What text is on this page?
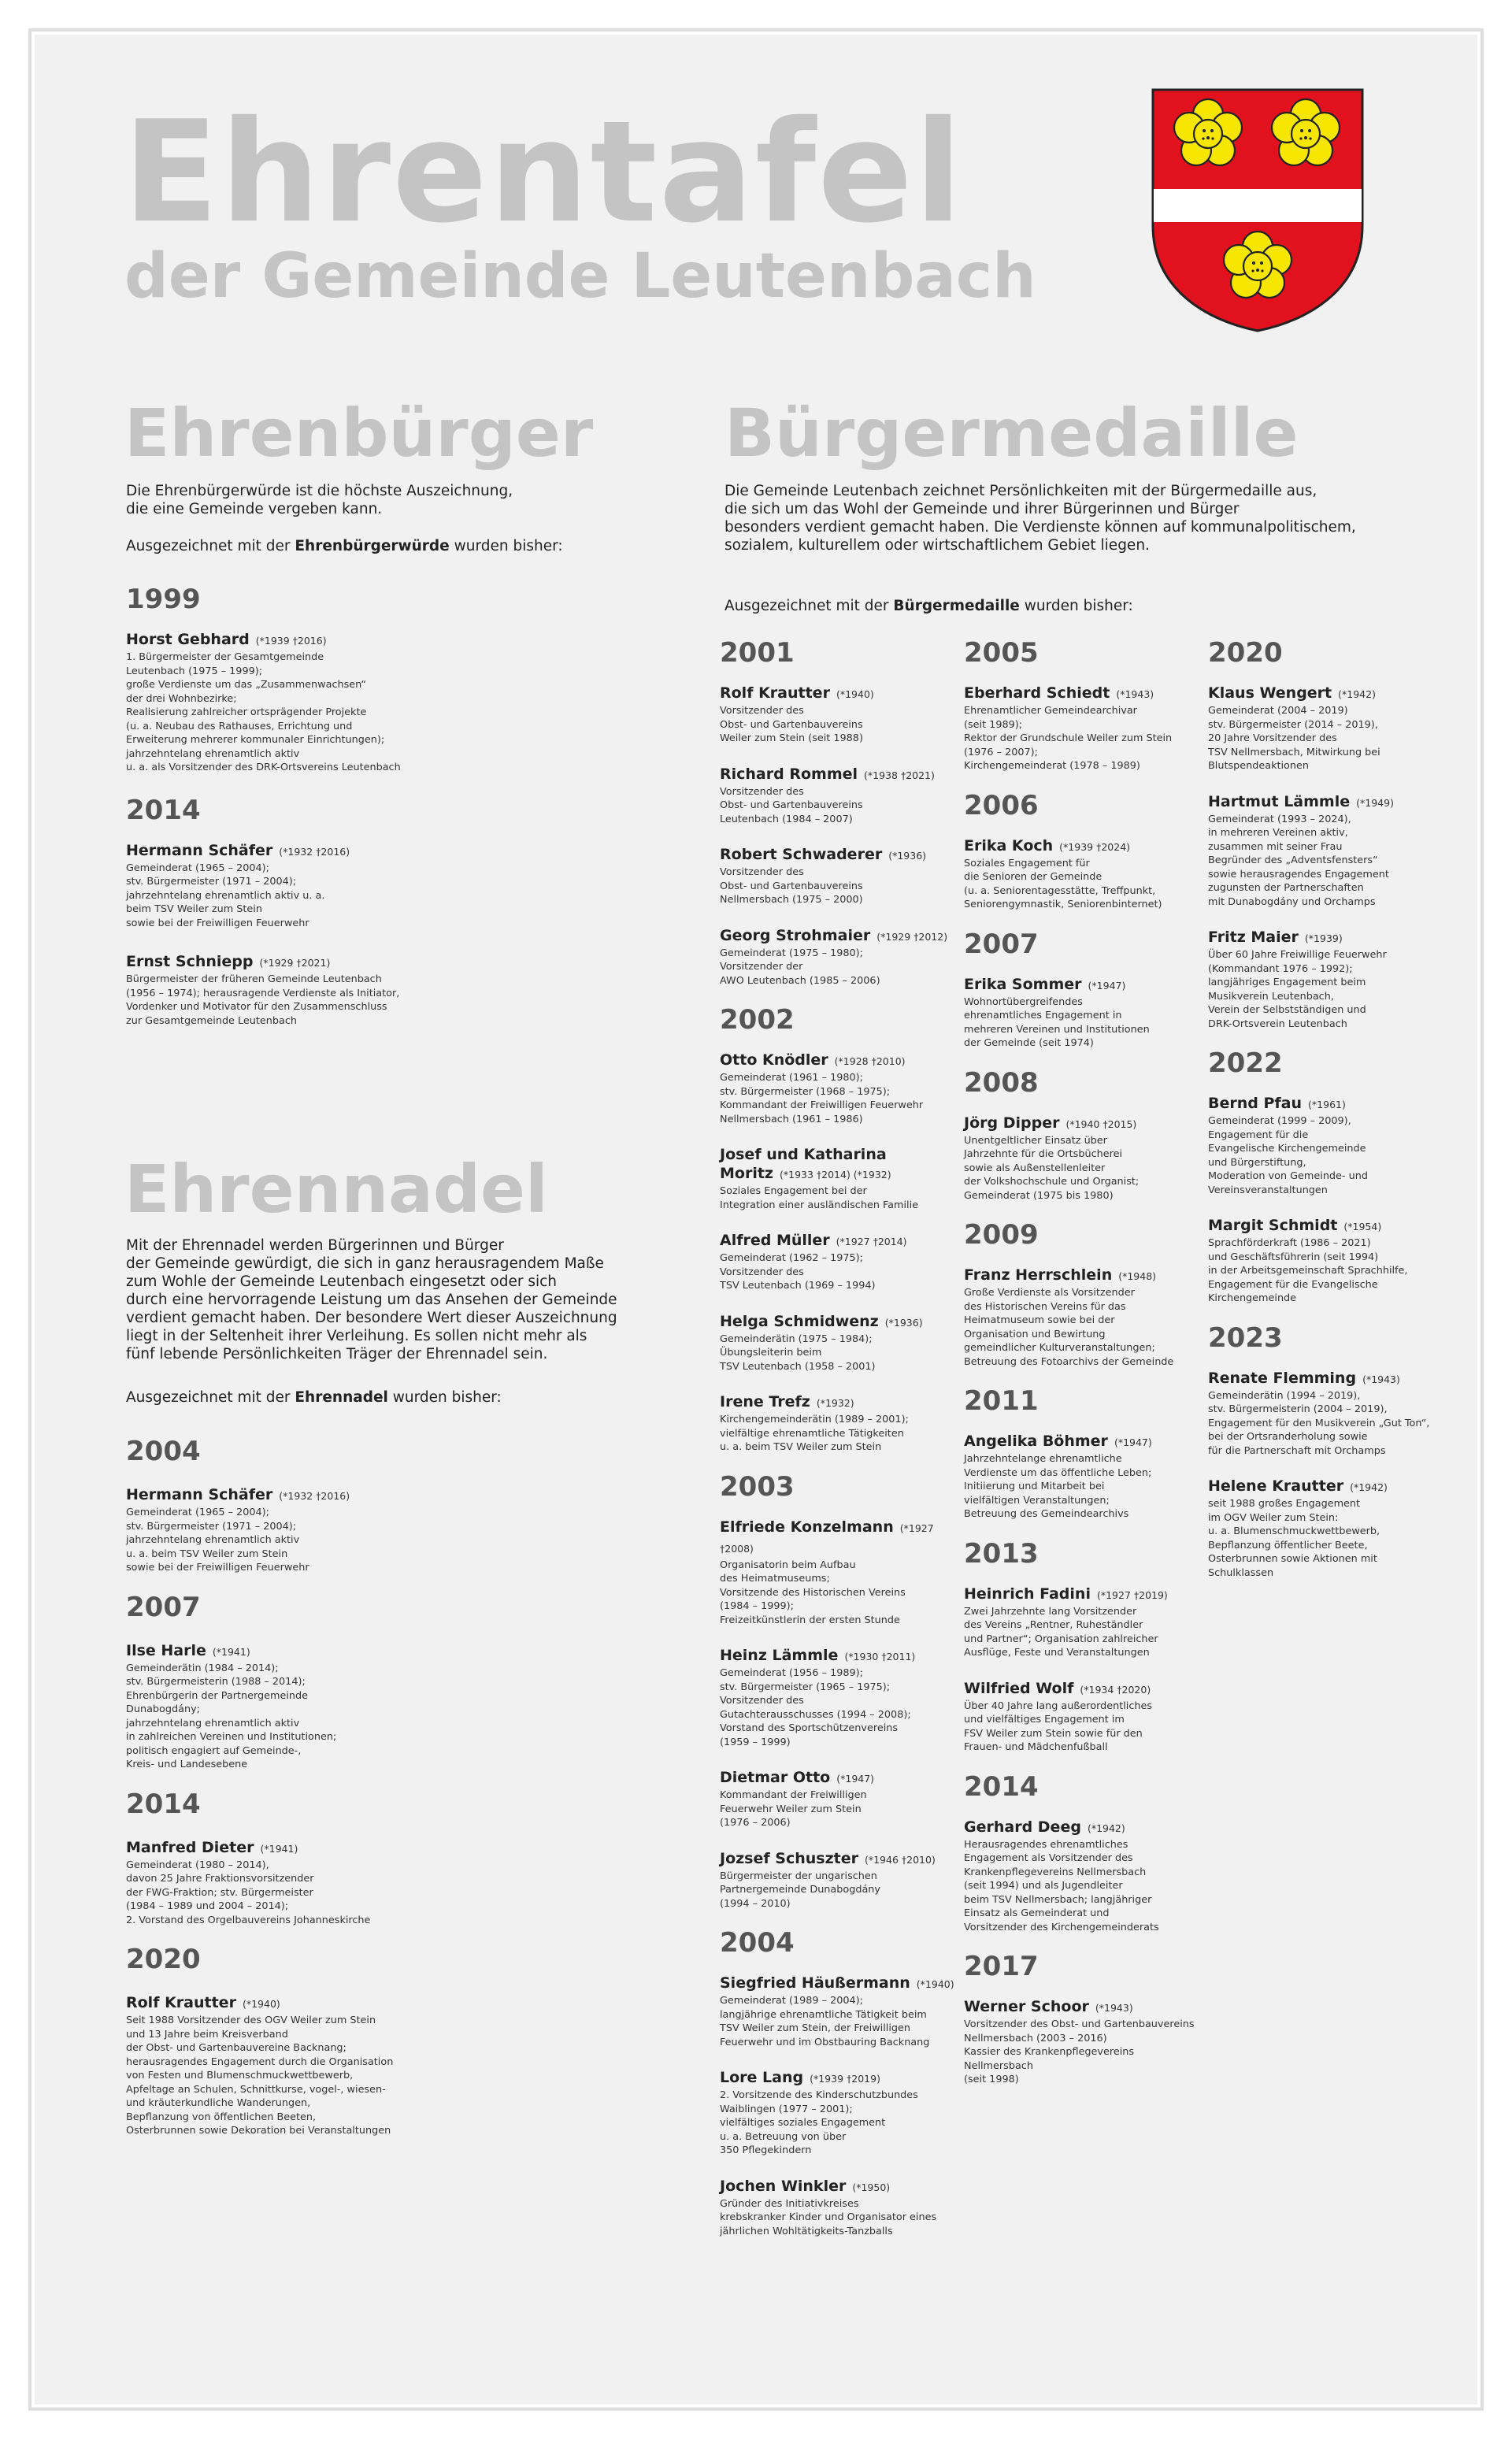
Ehrentafel
der Gemeinde Leutenbach
Ehrenbürger
Die Ehrenbürgerwürde ist die höchste Auszeichnung,
die eine Gemeinde vergeben kann.
Ausgezeichnet mit der Ehrenbürgerwürde wurden bisher:
1999
Horst Gebhard (*1939 †2016)
1. Bürgermeister der Gesamtgemeinde
Leutenbach (1975 – 1999);
große Verdienste um das „Zusammenwachsen“
der drei Wohnbezirke;
Realisierung zahlreicher ortsprägender Projekte
(u. a. Neubau des Rathauses, Errichtung und
Erweiterung mehrerer kommunaler Einrichtungen);
jahrzehntelang ehrenamtlich aktiv
u. a. als Vorsitzender des DRK-Ortsvereins Leutenbach
2014
Hermann Schäfer (*1932 †2016)
Gemeinderat (1965 – 2004);
stv. Bürgermeister (1971 – 2004);
jahrzehntelang ehrenamtlich aktiv u. a.
beim TSV Weiler zum Stein
sowie bei der Freiwilligen Feuerwehr
Ernst Schniepp (*1929 †2021)
Bürgermeister der früheren Gemeinde Leutenbach
(1956 – 1974); herausragende Verdienste als Initiator,
Vordenker und Motivator für den Zusammenschluss
zur Gesamtgemeinde Leutenbach
Ehrennadel
Mit der Ehrennadel werden Bürgerinnen und Bürger
der Gemeinde gewürdigt, die sich in ganz herausragendem Maße
zum Wohle der Gemeinde Leutenbach eingesetzt oder sich
durch eine hervorragende Leistung um das Ansehen der Gemeinde
verdient gemacht haben. Der besondere Wert dieser Auszeichnung
liegt in der Seltenheit ihrer Verleihung. Es sollen nicht mehr als
fünf lebende Persönlichkeiten Träger der Ehrennadel sein.
Ausgezeichnet mit der Ehrennadel wurden bisher:
2004
Hermann Schäfer (*1932 †2016)
Gemeinderat (1965 – 2004);
stv. Bürgermeister (1971 – 2004);
jahrzehntelang ehrenamtlich aktiv
u. a. beim TSV Weiler zum Stein
sowie bei der Freiwilligen Feuerwehr
2007
Ilse Harle (*1941)
Gemeinderätin (1984 – 2014);
stv. Bürgermeisterin (1988 – 2014);
Ehrenbürgerin der Partnergemeinde
Dunabogdány;
jahrzehntelang ehrenamtlich aktiv
in zahlreichen Vereinen und Institutionen;
politisch engagiert auf Gemeinde-,
Kreis- und Landesebene
2014
Manfred Dieter (*1941)
Gemeinderat (1980 – 2014),
davon 25 Jahre Fraktionsvorsitzender
der FWG-Fraktion; stv. Bürgermeister
(1984 – 1989 und 2004 – 2014);
2. Vorstand des Orgelbauvereins Johanneskirche
2020
Rolf Krautter (*1940)
Seit 1988 Vorsitzender des OGV Weiler zum Stein
und 13 Jahre beim Kreisverband
der Obst- und Gartenbauvereine Backnang;
herausragendes Engagement durch die Organisation
von Festen und Blumenschmuckwettbewerb,
Apfeltage an Schulen, Schnittkurse, vogel-, wiesen-
und kräuterkundliche Wanderungen,
Bepflanzung von öffentlichen Beeten,
Osterbrunnen sowie Dekoration bei Veranstaltungen
Bürgermedaille
Die Gemeinde Leutenbach zeichnet Persönlichkeiten mit der Bürgermedaille aus,
die sich um das Wohl der Gemeinde und ihrer Bürgerinnen und Bürger
besonders verdient gemacht haben. Die Verdienste können auf kommunalpolitischem,
sozialem, kulturellem oder wirtschaftlichem Gebiet liegen.
Ausgezeichnet mit der Bürgermedaille wurden bisher:
2001
Rolf Krautter (*1940)
Vorsitzender des
Obst- und Gartenbauvereins
Weiler zum Stein (seit 1988)
Richard Rommel (*1938 †2021)
Vorsitzender des
Obst- und Gartenbauvereins
Leutenbach (1984 – 2007)
Robert Schwaderer (*1936)
Vorsitzender des
Obst- und Gartenbauvereins
Nellmersbach (1975 – 2000)
Georg Strohmaier (*1929 †2012)
Gemeinderat (1975 – 1980);
Vorsitzender der
AWO Leutenbach (1985 – 2006)
2002
Otto Knödler (*1928 †2010)
Gemeinderat (1961 – 1980);
stv. Bürgermeister (1968 – 1975);
Kommandant der Freiwilligen Feuerwehr
Nellmersbach (1961 – 1986)
Josef und Katharina Moritz (*1933 †2014) (*1932)
Soziales Engagement bei der
Integration einer ausländischen Familie
Alfred Müller (*1927 †2014)
Gemeinderat (1962 – 1975);
Vorsitzender des
TSV Leutenbach (1969 – 1994)
Helga Schmidwenz (*1936)
Gemeinderätin (1975 – 1984);
Übungsleiterin beim
TSV Leutenbach (1958 – 2001)
Irene Trefz (*1932)
Kirchengemeinderätin (1989 – 2001);
vielfältige ehrenamtliche Tätigkeiten
u. a. beim TSV Weiler zum Stein
2003
Elfriede Konzelmann (*1927 †2008)
Organisatorin beim Aufbau
des Heimatmuseums;
Vorsitzende des Historischen Vereins
(1984 – 1999);
Freizeitkünstlerin der ersten Stunde
Heinz Lämmle (*1930 †2011)
Gemeinderat (1956 – 1989);
stv. Bürgermeister (1965 – 1975);
Vorsitzender des
Gutachterausschusses (1994 – 2008);
Vorstand des Sportschützenvereins
(1959 – 1999)
Dietmar Otto (*1947)
Kommandant der Freiwilligen
Feuerwehr Weiler zum Stein
(1976 – 2006)
Jozsef Schuszter (*1946 †2010)
Bürgermeister der ungarischen
Partnergemeinde Dunabogdány
(1994 – 2010)
2004
Siegfried Häußermann (*1940)
Gemeinderat (1989 – 2004);
langjährige ehrenamtliche Tätigkeit beim
TSV Weiler zum Stein, der Freiwilligen
Feuerwehr und im Obstbauring Backnang
Lore Lang (*1939 †2019)
2. Vorsitzende des Kinderschutzbundes
Waiblingen (1977 – 2001);
vielfältiges soziales Engagement
u. a. Betreuung von über
350 Pflegekindern
Jochen Winkler (*1950)
Gründer des Initiativkreises
krebskranker Kinder und Organisator eines
jährlichen Wohltätigkeits-Tanzballs
2005
Eberhard Schiedt (*1943)
Ehrenamtlicher Gemeindearchivar
(seit 1989);
Rektor der Grundschule Weiler zum Stein
(1976 – 2007);
Kirchengemeinderat (1978 – 1989)
2006
Erika Koch (*1939 †2024)
Soziales Engagement für
die Senioren der Gemeinde
(u. a. Seniorentagesstätte, Treffpunkt,
Seniorengymnastik, Seniorenbinternet)
2007
Erika Sommer (*1947)
Wohnortübergreifendes
ehrenamtliches Engagement in
mehreren Vereinen und Institutionen
der Gemeinde (seit 1974)
2008
Jörg Dipper (*1940 †2015)
Unentgeltlicher Einsatz über
Jahrzehnte für die Ortsbücherei
sowie als Außenstellenleiter
der Volkshochschule und Organist;
Gemeinderat (1975 bis 1980)
2009
Franz Herrschlein (*1948)
Große Verdienste als Vorsitzender
des Historischen Vereins für das
Heimatmuseum sowie bei der
Organisation und Bewirtung
gemeindlicher Kulturveranstaltungen;
Betreuung des Fotoarchivs der Gemeinde
2011
Angelika Böhmer (*1947)
Jahrzehntelange ehrenamtliche
Verdienste um das öffentliche Leben;
Initiierung und Mitarbeit bei
vielfältigen Veranstaltungen;
Betreuung des Gemeindearchivs
2013
Heinrich Fadini (*1927 †2019)
Zwei Jahrzehnte lang Vorsitzender
des Vereins „Rentner, Ruheständler
und Partner“; Organisation zahlreicher
Ausflüge, Feste und Veranstaltungen
Wilfried Wolf (*1934 †2020)
Über 40 Jahre lang außerordentliches
und vielfältiges Engagement im
FSV Weiler zum Stein sowie für den
Frauen- und Mädchenfußball
2014
Gerhard Deeg (*1942)
Herausragendes ehrenamtliches
Engagement als Vorsitzender des
Krankenpflegevereins Nellmersbach
(seit 1994) und als Jugendleiter
beim TSV Nellmersbach; langjähriger
Einsatz als Gemeinderat und
Vorsitzender des Kirchengemeinderats
2017
Werner Schoor (*1943)
Vorsitzender des Obst- und Gartenbauvereins
Nellmersbach (2003 – 2016)
Kassier des Krankenpflegevereins Nellmersbach
(seit 1998)
2020
Klaus Wengert (*1942)
Gemeinderat (2004 – 2019)
stv. Bürgermeister (2014 – 2019),
20 Jahre Vorsitzender des
TSV Nellmersbach, Mitwirkung bei
Blutspendeaktionen
Hartmut Lämmle (*1949)
Gemeinderat (1993 – 2024),
in mehreren Vereinen aktiv,
zusammen mit seiner Frau
Begründer des „Adventsfensters“
sowie herausragendes Engagement
zugunsten der Partnerschaften
mit Dunabogdány und Orchamps
Fritz Maier (*1939)
Über 60 Jahre Freiwillige Feuerwehr
(Kommandant 1976 – 1992);
langjähriges Engagement beim
Musikverein Leutenbach,
Verein der Selbstständigen und
DRK-Ortsverein Leutenbach
2022
Bernd Pfau (*1961)
Gemeinderat (1999 – 2009),
Engagement für die
Evangelische Kirchengemeinde
und Bürgerstiftung,
Moderation von Gemeinde- und
Vereinsveranstaltungen
Margit Schmidt (*1954)
Sprachförderkraft (1986 – 2021)
und Geschäftsführerin (seit 1994)
in der Arbeitsgemeinschaft Sprachhilfe,
Engagement für die Evangelische
Kirchengemeinde
2023
Renate Flemming (*1943)
Gemeinderätin (1994 – 2019),
stv. Bürgermeisterin (2004 – 2019),
Engagement für den Musikverein „Gut Ton“,
bei der Ortsranderholung sowie
für die Partnerschaft mit Orchamps
Helene Krautter (*1942)
seit 1988 großes Engagement
im OGV Weiler zum Stein:
u. a. Blumenschmuckwettbewerb,
Bepflanzung öffentlicher Beete,
Osterbrunnen sowie Aktionen mit
Schulklassen
